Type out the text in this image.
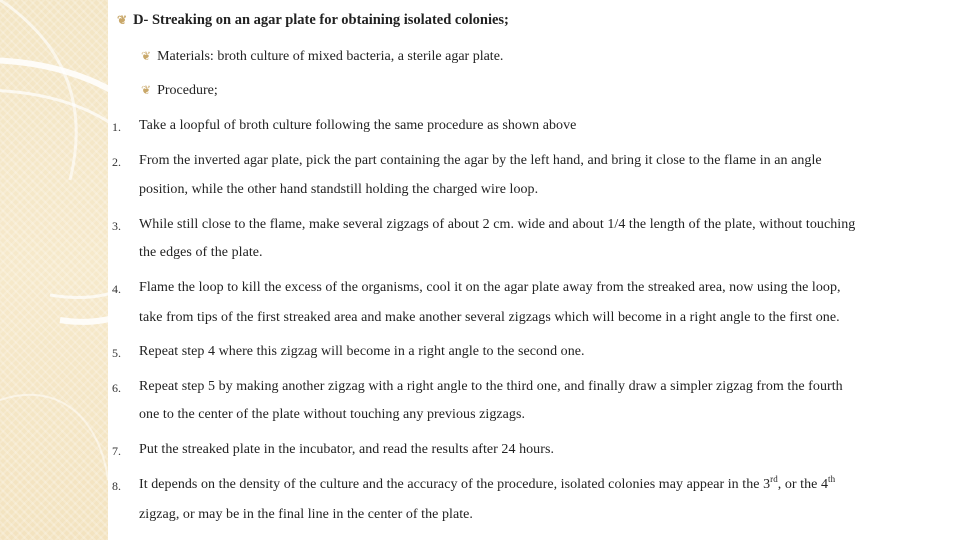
❦ D- Streaking on an agar plate for obtaining isolated colonies;
❦ Materials: broth culture of mixed bacteria, a sterile agar plate.
❦ Procedure;
1. Take a loopful of broth culture following the same procedure as shown above
2. From the inverted agar plate, pick the part containing the agar by the left hand, and bring it close to the flame in an angle
position, while the other hand standstill holding the charged wire loop.
3. While still close to the flame, make several zigzags of about 2 cm. wide and about 1/4 the length of the plate, without touching
the edges of the plate.
4. Flame the loop to kill the excess of the organisms, cool it on the agar plate away from the streaked area, now using the loop,
take from tips of the first streaked area and make another several zigzags which will become in a right angle to the first one.
5. Repeat step 4 where this zigzag will become in a right angle to the second one.
6. Repeat step 5 by making another zigzag with a right angle to the third one, and finally draw a simpler zigzag from the fourth
one to the center of the plate without touching any previous zigzags.
7. Put the streaked plate in the incubator, and read the results after 24 hours.
8. It depends on the density of the culture and the accuracy of the procedure, isolated colonies may appear in the 3rd, or the 4th
zigzag, or may be in the final line in the center of the plate.
